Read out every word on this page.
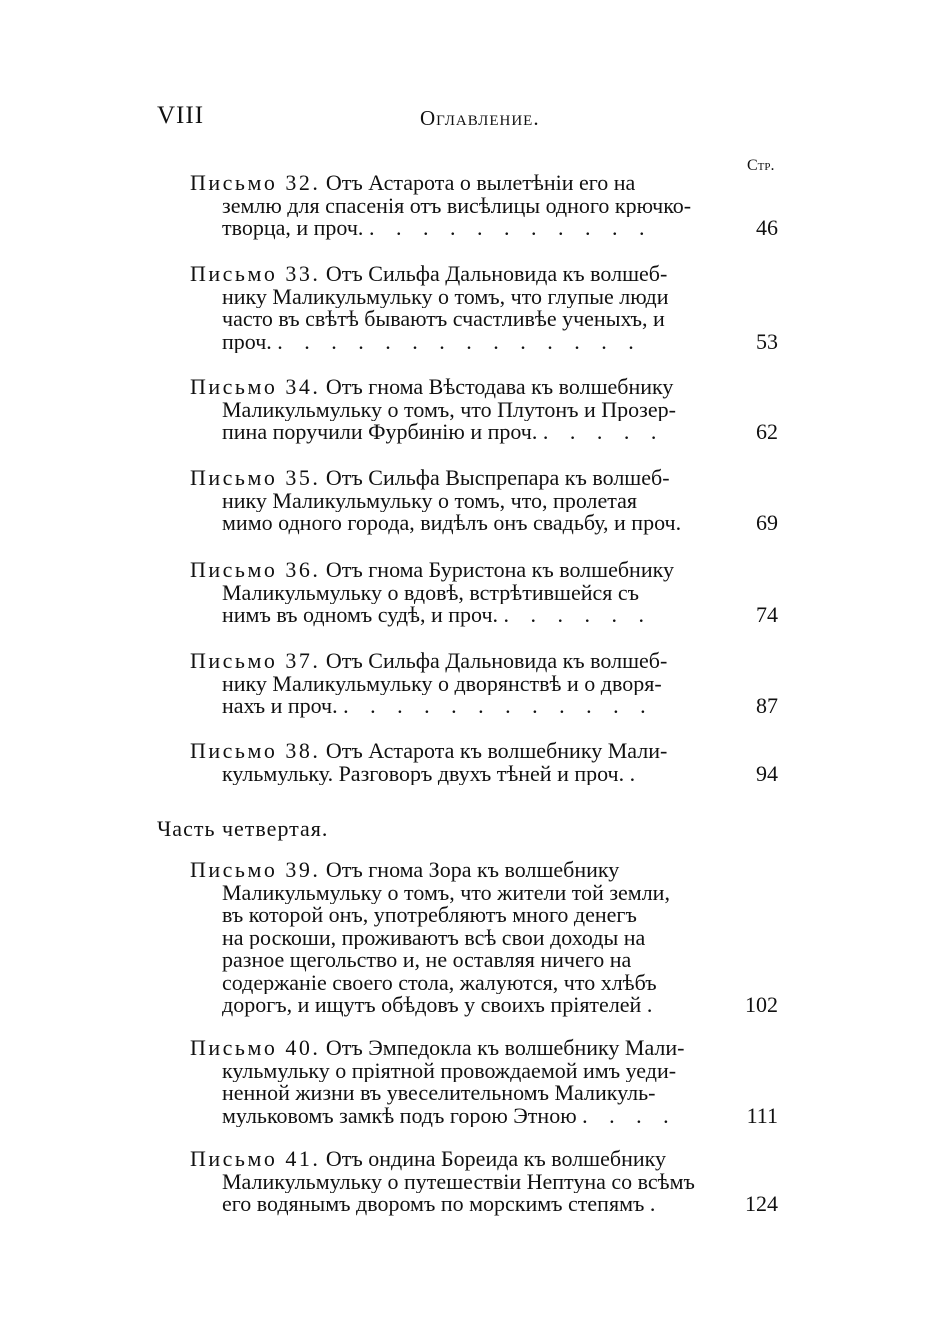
VIII	Оглавление.
Стр.
Письмо 32. Отъ Астарота о вылетѣніи его на
землю для спасенія отъ висѣлицы одного крючко-
46
творца, и проч. . . . . . . . . . . .
Письмо 33. Отъ Сильфа Дальновида къ волшеб-
нику Маликульмульку о томъ, что глупые люди
часто въ свѣтѣ бываютъ счастливѣе ученыхъ, и
53
проч. . . . . . . . . . . . . . .
Письмо 34. Отъ гнома Вѣстодава къ волшебнику
Маликульмульку о томъ, что Плутонъ и Прозер-
62
пина поручили Фурбинію и проч. . . . . .
Письмо 35. Отъ Сильфа Выспрепара къ волшеб-
нику Маликульмульку о томъ, что, пролетая
69
мимо одного города, видѣлъ онъ свадьбу, и проч.
Письмо 36. Отъ гнома Буристона къ волшебнику
Маликульмульку о вдовѣ, встрѣтившейся съ
74
нимъ въ одномъ судѣ, и проч. . . . . . .
Письмо 37. Отъ Сильфа Дальновида къ волшеб-
нику Маликульмульку о дворянствѣ и о дворя-
87
нахъ и проч. . . . . . . . . . . . .
Письмо 38. Отъ Астарота къ волшебнику Мали-
94
кульмульку. Разговоръ двухъ тѣней и проч. .
Часть четвертая.
Письмо 39. Отъ гнома Зора къ волшебнику
Маликульмульку о томъ, что жители той земли,
въ которой онъ, употребляютъ много денегъ
на роскоши, проживаютъ всѣ свои доходы на
разное щегольство и, не оставляя ничего на
содержаніе своего стола, жалуются, что хлѣбъ
102
дорогъ, и ищутъ обѣдовъ у своихъ пріятелей .
Письмо 40. Отъ Эмпедокла къ волшебнику Мали-
кульмульку о пріятной провождаемой имъ уеди-
ненной жизни въ увеселительномъ Маликуль-
111
мульковомъ замкѣ подъ горою Этною . . . .
Письмо 41. Отъ ондина Бореида къ волшебнику
Маликульмульку о путешествіи Нептуна со всѣмъ
124
его водянымъ дворомъ по морскимъ степямъ .
